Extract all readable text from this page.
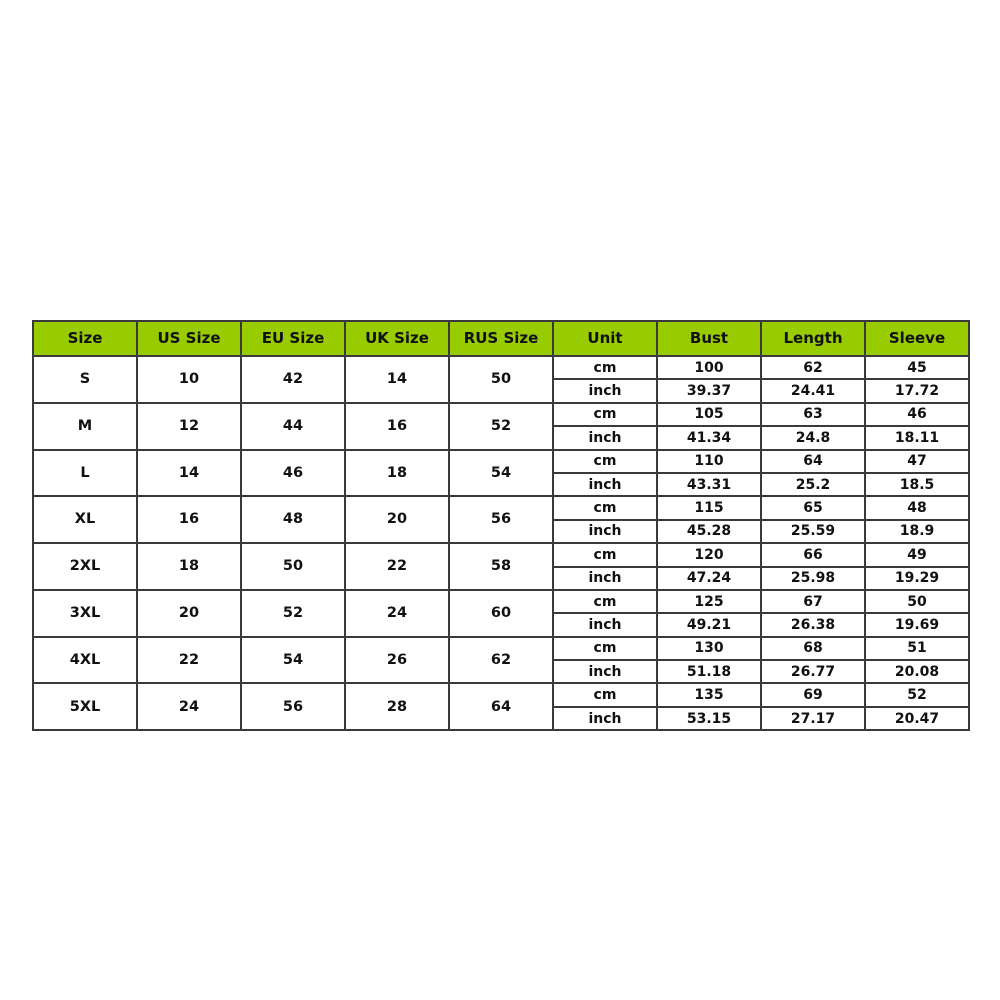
Size	US Size	EU Size	UK Size	RUS Size	Unit	Bust	Length	Sleeve
S	10	42	14	50	cm	100	62	45
					inch	39.37	24.41	17.72
M	12	44	16	52	cm	105	63	46
					inch	41.34	24.8	18.11
L	14	46	18	54	cm	110	64	47
					inch	43.31	25.2	18.5
XL	16	48	20	56	cm	115	65	48
					inch	45.28	25.59	18.9
2XL	18	50	22	58	cm	120	66	49
					inch	47.24	25.98	19.29
3XL	20	52	24	60	cm	125	67	50
					inch	49.21	26.38	19.69
4XL	22	54	26	62	cm	130	68	51
					inch	51.18	26.77	20.08
5XL	24	56	28	64	cm	135	69	52
					inch	53.15	27.17	20.47
